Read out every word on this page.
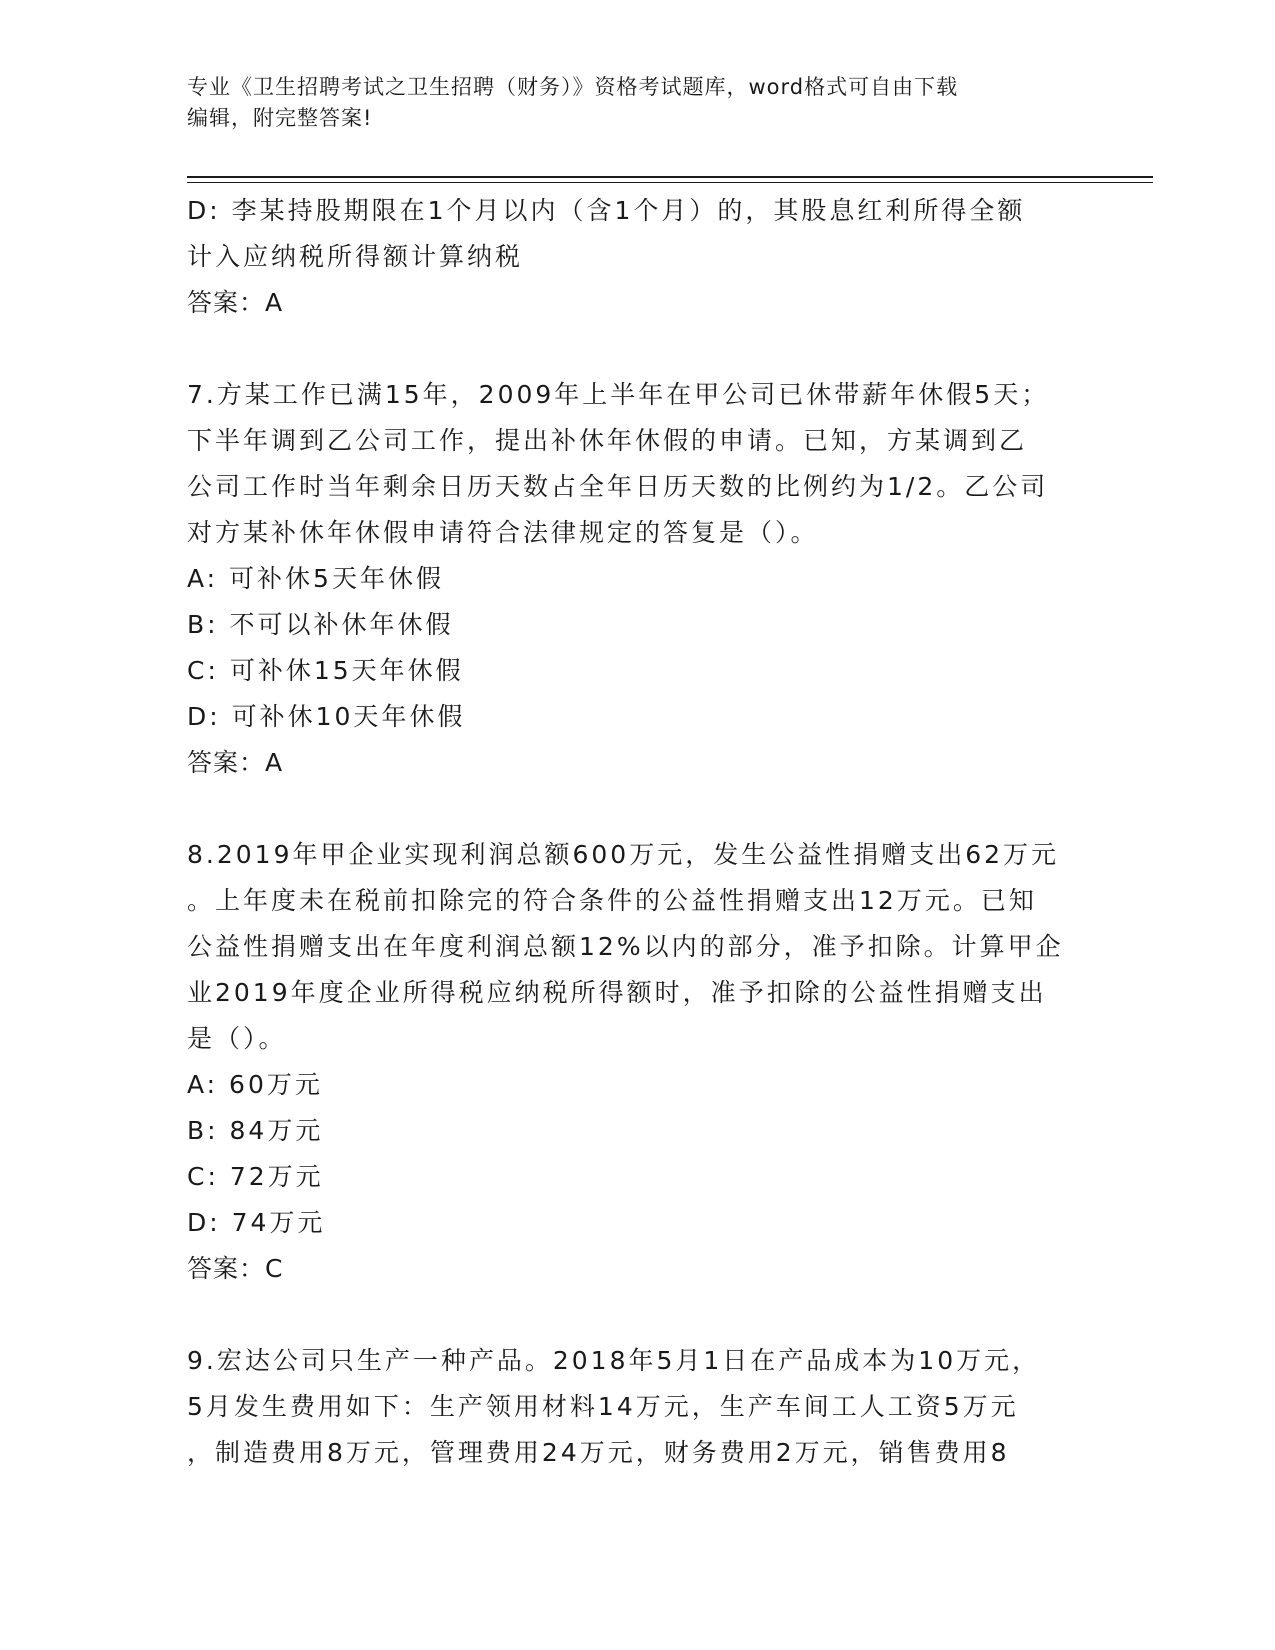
专业《卫生招聘考试之卫生招聘（财务）》资格考试题库，word格式可自由下载
编辑，附完整答案!
D: 李某持股期限在1个月以内（含1个月）的，其股息红利所得全额
计入应纳税所得额计算纳税
答案：A
7.方某工作已满15年，2009年上半年在甲公司已休带薪年休假5天；
下半年调到乙公司工作，提出补休年休假的申请。已知，方某调到乙
公司工作时当年剩余日历天数占全年日历天数的比例约为1/2。乙公司
对方某补休年休假申请符合法律规定的答复是（）。
A: 可补休5天年休假
B: 不可以补休年休假
C: 可补休15天年休假
D: 可补休10天年休假
答案：A
8.2019年甲企业实现利润总额600万元，发生公益性捐赠支出62万元
。上年度未在税前扣除完的符合条件的公益性捐赠支出12万元。已知
公益性捐赠支出在年度利润总额12%以内的部分，准予扣除。计算甲企
业2019年度企业所得税应纳税所得额时，准予扣除的公益性捐赠支出
是（）。
A: 60万元
B: 84万元
C: 72万元
D: 74万元
答案：C
9.宏达公司只生产一种产品。2018年5月1日在产品成本为10万元，
5月发生费用如下：生产领用材料14万元，生产车间工人工资5万元
，制造费用8万元，管理费用24万元，财务费用2万元，销售费用8
